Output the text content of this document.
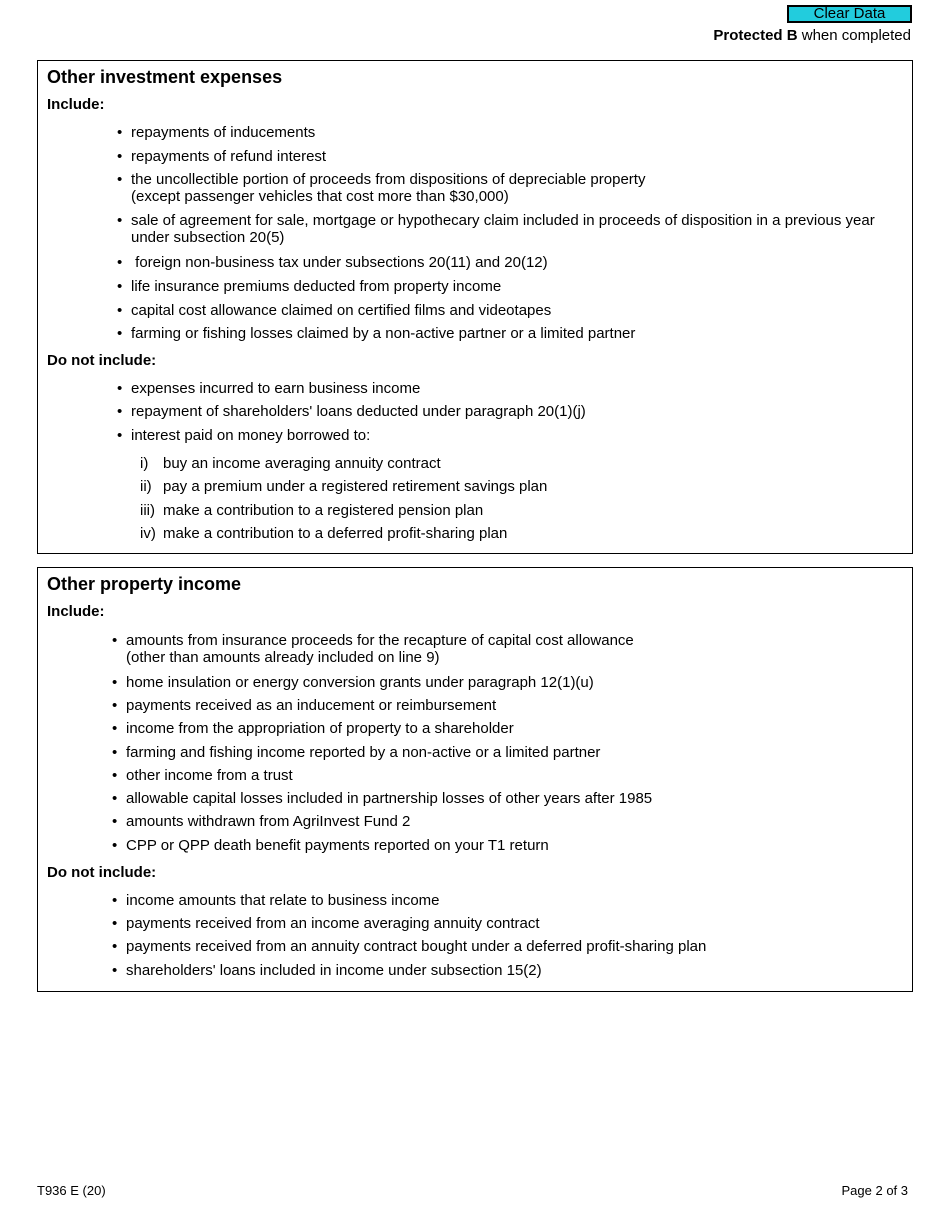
Clear Data
Protected B when completed
Other investment expenses
Include:
• repayments of inducements
• repayments of refund interest
• the uncollectible portion of proceeds from dispositions of depreciable property
(except passenger vehicles that cost more than $30,000)
• sale of agreement for sale, mortgage or hypothecary claim included in proceeds of disposition in a previous year
under subsection 20(5)
• foreign non-business tax under subsections 20(11) and 20(12)
• life insurance premiums deducted from property income
• capital cost allowance claimed on certified films and videotapes
• farming or fishing losses claimed by a non-active partner or a limited partner
Do not include:
• expenses incurred to earn business income
• repayment of shareholders' loans deducted under paragraph 20(1)(j)
• interest paid on money borrowed to:
i) buy an income averaging annuity contract
ii) pay a premium under a registered retirement savings plan
iii) make a contribution to a registered pension plan
iv) make a contribution to a deferred profit-sharing plan
Other property income
Include:
• amounts from insurance proceeds for the recapture of capital cost allowance
(other than amounts already included on line 9)
• home insulation or energy conversion grants under paragraph 12(1)(u)
• payments received as an inducement or reimbursement
• income from the appropriation of property to a shareholder
• farming and fishing income reported by a non-active or a limited partner
• other income from a trust
• allowable capital losses included in partnership losses of other years after 1985
• amounts withdrawn from AgriInvest Fund 2
• CPP or QPP death benefit payments reported on your T1 return
Do not include:
• income amounts that relate to business income
• payments received from an income averaging annuity contract
• payments received from an annuity contract bought under a deferred profit-sharing plan
• shareholders' loans included in income under subsection 15(2)
T936 E (20)	Page 2 of 3
